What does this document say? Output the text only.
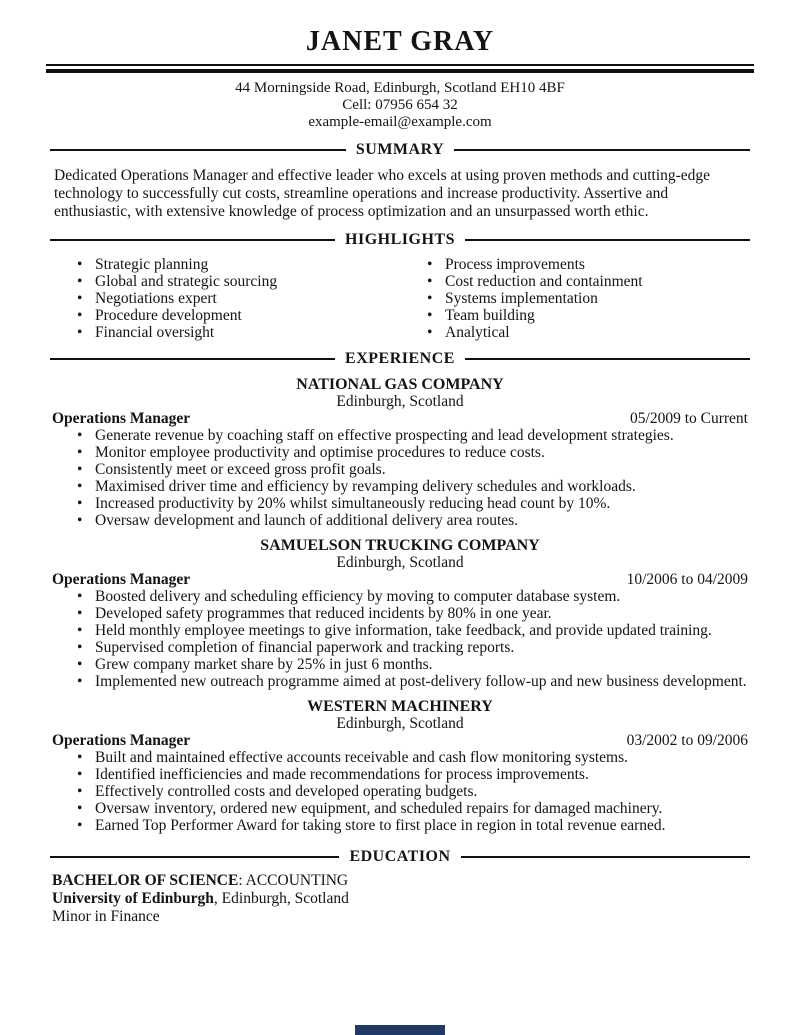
JANET GRAY
44 Morningside Road, Edinburgh, Scotland EH10 4BF
Cell: 07956 654 32
example-email@example.com
SUMMARY
Dedicated Operations Manager and effective leader who excels at using proven methods and cutting-edge technology to successfully cut costs, streamline operations and increase productivity. Assertive and enthusiastic, with extensive knowledge of process optimization and an unsurpassed worth ethic.
HIGHLIGHTS
• Strategic planning
• Global and strategic sourcing
• Negotiations expert
• Procedure development
• Financial oversight
• Process improvements
• Cost reduction and containment
• Systems implementation
• Team building
• Analytical
EXPERIENCE
NATIONAL GAS COMPANY
Edinburgh, Scotland
Operations Manager	05/2009 to Current
• Generate revenue by coaching staff on effective prospecting and lead development strategies.
• Monitor employee productivity and optimise procedures to reduce costs.
• Consistently meet or exceed gross profit goals.
• Maximised driver time and efficiency by revamping delivery schedules and workloads.
• Increased productivity by 20% whilst simultaneously reducing head count by 10%.
• Oversaw development and launch of additional delivery area routes.
SAMUELSON TRUCKING COMPANY
Edinburgh, Scotland
Operations Manager	10/2006 to 04/2009
• Boosted delivery and scheduling efficiency by moving to computer database system.
• Developed safety programmes that reduced incidents by 80% in one year.
• Held monthly employee meetings to give information, take feedback, and provide updated training.
• Supervised completion of financial paperwork and tracking reports.
• Grew company market share by 25% in just 6 months.
• Implemented new outreach programme aimed at post-delivery follow-up and new business development.
WESTERN MACHINERY
Edinburgh, Scotland
Operations Manager	03/2002 to 09/2006
• Built and maintained effective accounts receivable and cash flow monitoring systems.
• Identified inefficiencies and made recommendations for process improvements.
• Effectively controlled costs and developed operating budgets.
• Oversaw inventory, ordered new equipment, and scheduled repairs for damaged machinery.
• Earned Top Performer Award for taking store to first place in region in total revenue earned.
EDUCATION
BACHELOR OF SCIENCE: ACCOUNTING
University of Edinburgh, Edinburgh, Scotland
Minor in Finance
